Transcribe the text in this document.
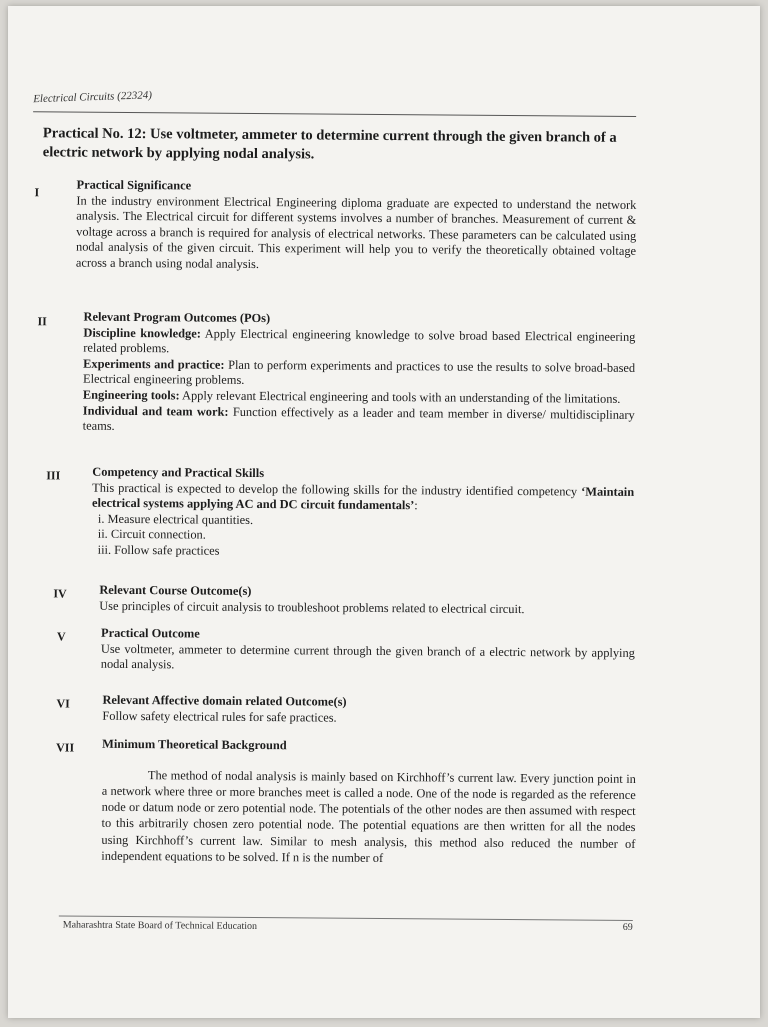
Electrical Circuits (22324)
Practical No. 12: Use voltmeter, ammeter to determine current through the given branch of a electric network by applying nodal analysis.
I	Practical Significance
In the industry environment Electrical Engineering diploma graduate are expected to understand the network analysis. The Electrical circuit for different systems involves a number of branches. Measurement of current & voltage across a branch is required for analysis of electrical networks. These parameters can be calculated using nodal analysis of the given circuit. This experiment will help you to verify the theoretically obtained voltage across a branch using nodal analysis.
II	Relevant Program Outcomes (POs)
Discipline knowledge: Apply Electrical engineering knowledge to solve broad based Electrical engineering related problems.
Experiments and practice: Plan to perform experiments and practices to use the results to solve broad-based Electrical engineering problems.
Engineering tools: Apply relevant Electrical engineering and tools with an understanding of the limitations.
Individual and team work: Function effectively as a leader and team member in diverse/ multidisciplinary teams.
III	Competency and Practical Skills
This practical is expected to develop the following skills for the industry identified competency ‘Maintain electrical systems applying AC and DC circuit fundamentals’:
i. Measure electrical quantities.
ii. Circuit connection.
iii. Follow safe practices
IV	Relevant Course Outcome(s)
Use principles of circuit analysis to troubleshoot problems related to electrical circuit.
V	Practical Outcome
Use voltmeter, ammeter to determine current through the given branch of a electric network by applying nodal analysis.
VI	Relevant Affective domain related Outcome(s)
Follow safety electrical rules for safe practices.
VII Minimum Theoretical Background
The method of nodal analysis is mainly based on Kirchhoff’s current law. Every junction point in a network where three or more branches meet is called a node. One of the node is regarded as the reference node or datum node or zero potential node. The potentials of the other nodes are then assumed with respect to this arbitrarily chosen zero potential node. The potential equations are then written for all the nodes using Kirchhoff’s current law. Similar to mesh analysis, this method also reduced the number of independent equations to be solved. If n is the number of
Maharashtra State Board of Technical Education	69
